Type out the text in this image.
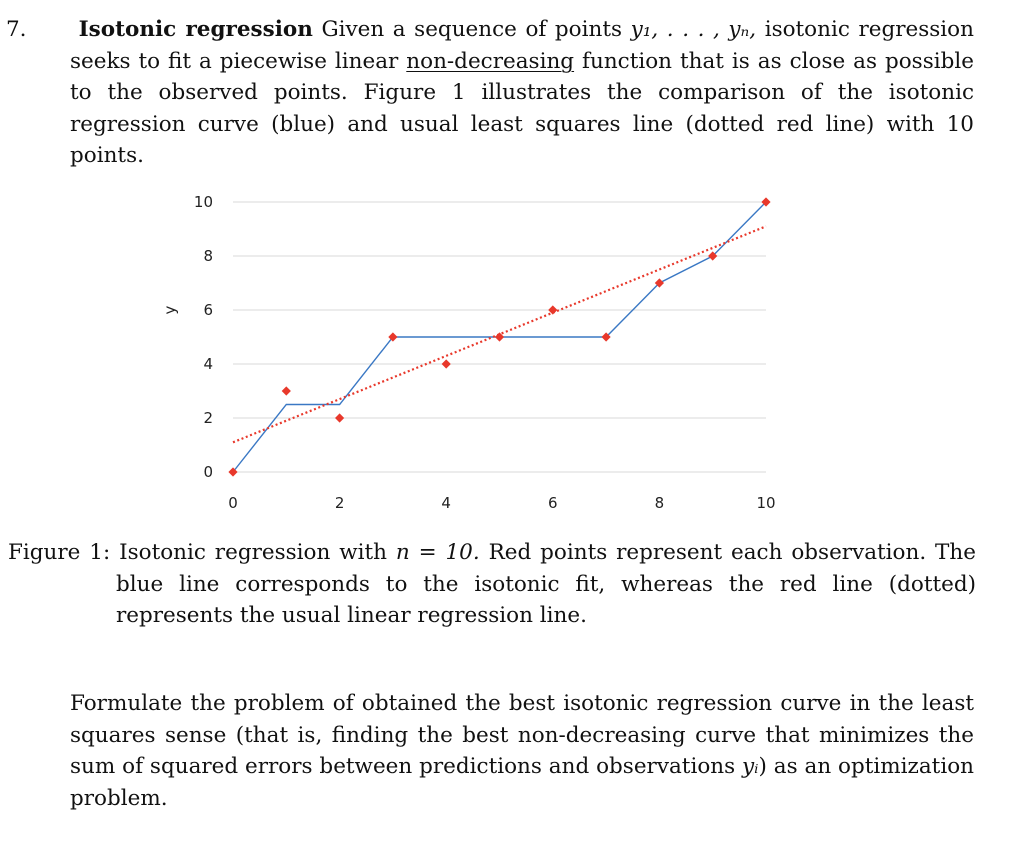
7. Isotonic regression Given a sequence of points y₁, . . . , yₙ, isotonic regression seeks to fit a piecewise linear non-decreasing function that is as close as possible to the observed points. Figure 1 illustrates the comparison of the isotonic regression curve (blue) and usual least squares line (dotted red line) with 10 points.
0
2
4
6
8
10
0	2	4	6	8	10
y
Figure 1: Isotonic regression with n = 10. Red points represent each observation. The blue line corresponds to the isotonic fit, whereas the red line (dotted) represents the usual linear regression line.
Formulate the problem of obtained the best isotonic regression curve in the least squares sense (that is, finding the best non-decreasing curve that minimizes the sum of squared errors between predictions and observations yᵢ) as an optimization problem.
